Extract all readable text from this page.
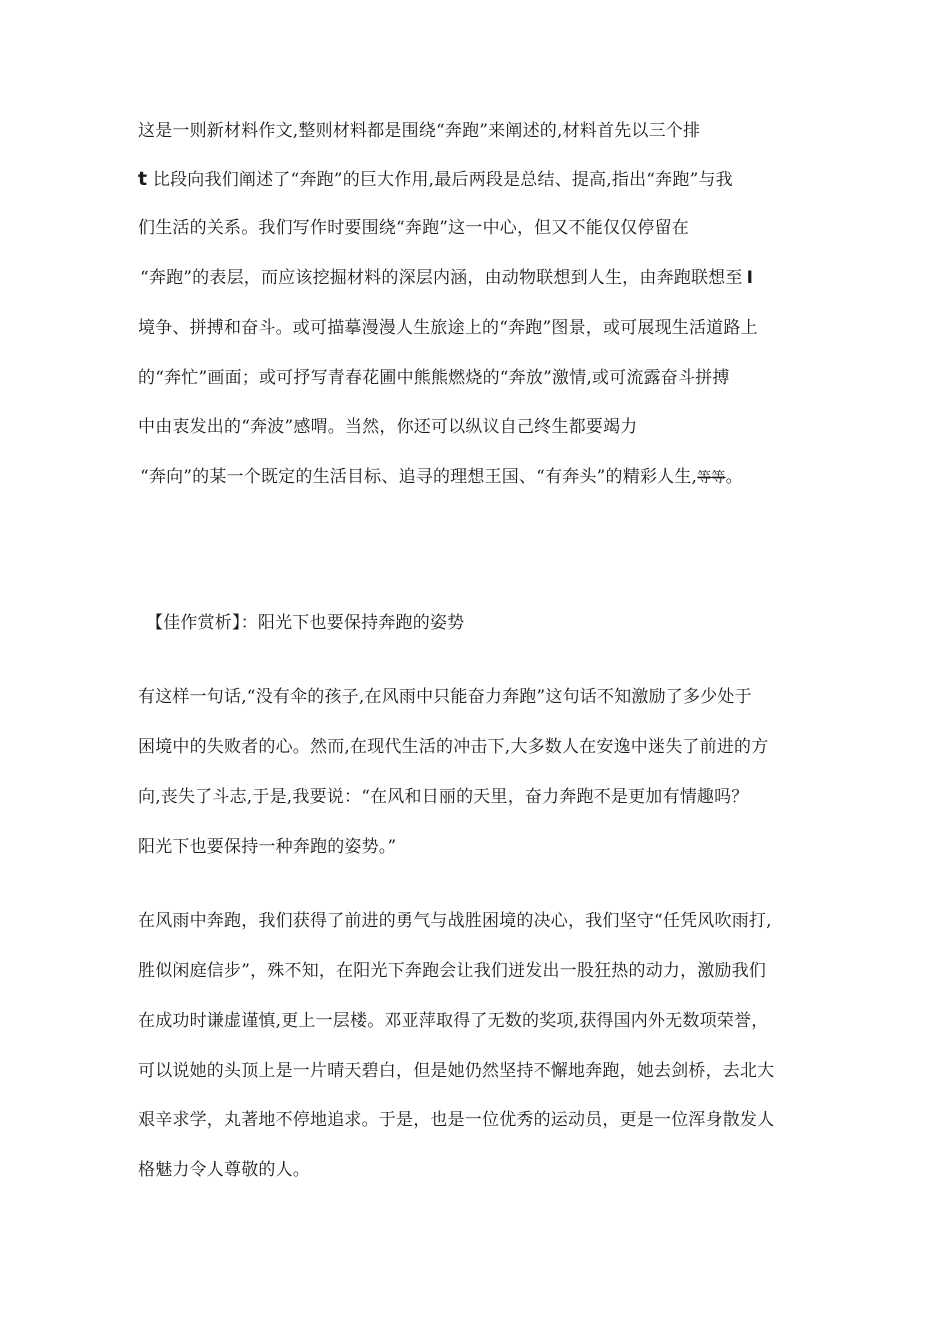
这是一则新材料作文,整则材料都是围绕“奔跑”来阐述的,材料首先以三个排
t 比段向我们阐述了“奔跑”的巨大作用,最后两段是总结、提高,指出“奔跑”与我
们生活的关系。我们写作时要围绕“奔跑”这一中心，但又不能仅仅停留在
“奔跑”的表层，而应该挖掘材料的深层内涵，由动物联想到人生，由奔跑联想至 I
境争、拼搏和奋斗。或可描摹漫漫人生旅途上的“奔跑”图景，或可展现生活道路上
的“奔忙”画面；或可抒写青春花圃中熊熊燃烧的“奔放”激情,或可流露奋斗拼搏
中由衷发出的“奔波”感喟。当然，你还可以纵议自己终生都要竭力
“奔向”的某一个既定的生活目标、追寻的理想王国、“有奔头”的精彩人生,等等。
【佳作赏析】：阳光下也要保持奔跑的姿势
有这样一句话,“没有伞的孩子,在风雨中只能奋力奔跑”这句话不知激励了多少处于
困境中的失败者的心。然而,在现代生活的冲击下,大多数人在安逸中迷失了前进的方
向,丧失了斗志,于是,我要说：“在风和日丽的天里，奋力奔跑不是更加有情趣吗？
阳光下也要保持一种奔跑的姿势。”
在风雨中奔跑，我们获得了前进的勇气与战胜困境的决心，我们坚守“任凭风吹雨打,
胜似闲庭信步”，殊不知，在阳光下奔跑会让我们迸发出一股狂热的动力，激励我们
在成功时谦虚谨慎,更上一层楼。邓亚萍取得了无数的奖项,获得国内外无数项荣誉，
可以说她的头顶上是一片晴天碧白，但是她仍然坚持不懈地奔跑，她去剑桥，去北大
艰辛求学，丸著地不停地追求。于是，也是一位优秀的运动员，更是一位浑身散发人
格魅力令人尊敬的人。
